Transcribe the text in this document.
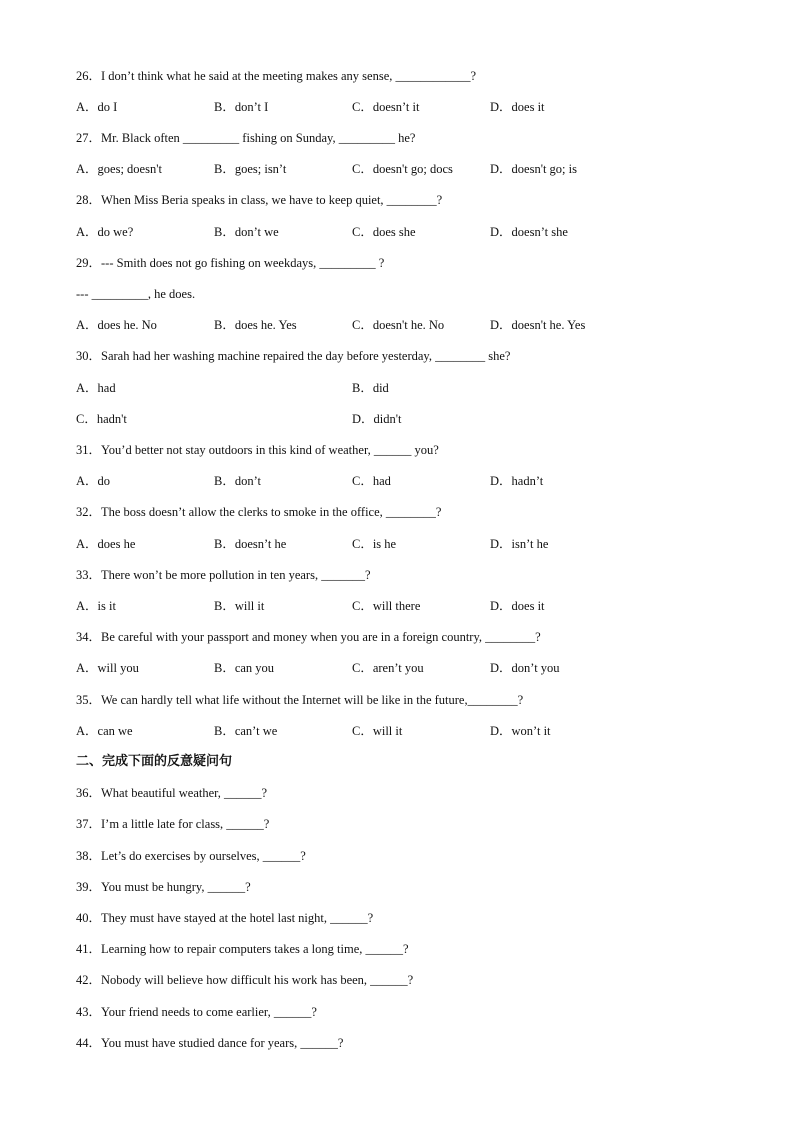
26．I don’t think what he said at the meeting makes any sense, ____________?
A．do I	B．don’t I	C．doesn’t it	D．does it
27．Mr. Black often _________ fishing on Sunday, _________ he?
A．goes; doesn't	B．goes; isn’t	C．doesn't go; docs	D．doesn't go; is
28．When Miss Beria speaks in class, we have to keep quiet, ________?
A．do we?	B．don’t we	C．does she	D．doesn’t she
29．--- Smith does not go fishing on weekdays, _________ ?
--- _________, he does.
A．does he. No	B．does he. Yes	C．doesn't he. No	D．doesn't he. Yes
30．Sarah had her washing machine repaired the day before yesterday, ________ she?
A．had	B．did
C．hadn't	D．didn't
31．You’d better not stay outdoors in this kind of weather, ______ you?
A．do	B．don’t	C．had	D．hadn’t
32．The boss doesn’t allow the clerks to smoke in the office, ________?
A．does he	B．doesn’t he	C．is he	D．isn’t he
33．There won’t be more pollution in ten years, _______?
A．is it	B．will it	C．will there	D．does it
34．Be careful with your passport and money when you are in a foreign country, ________?
A．will you	B．can you	C．aren’t you	D．don’t you
35．We can hardly tell what life without the Internet will be like in the future,________?
A．can we	B．can’t we	C．will it	D．won’t it
二、完成下面的反意疑问句
36．What beautiful weather, ______?
37．I’m a little late for class, ______?
38．Let’s do exercises by ourselves, ______?
39．You must be hungry, ______?
40．They must have stayed at the hotel last night, ______?
41．Learning how to repair computers takes a long time, ______?
42．Nobody will believe how difficult his work has been, ______?
43．Your friend needs to come earlier, ______?
44．You must have studied dance for years, ______?
